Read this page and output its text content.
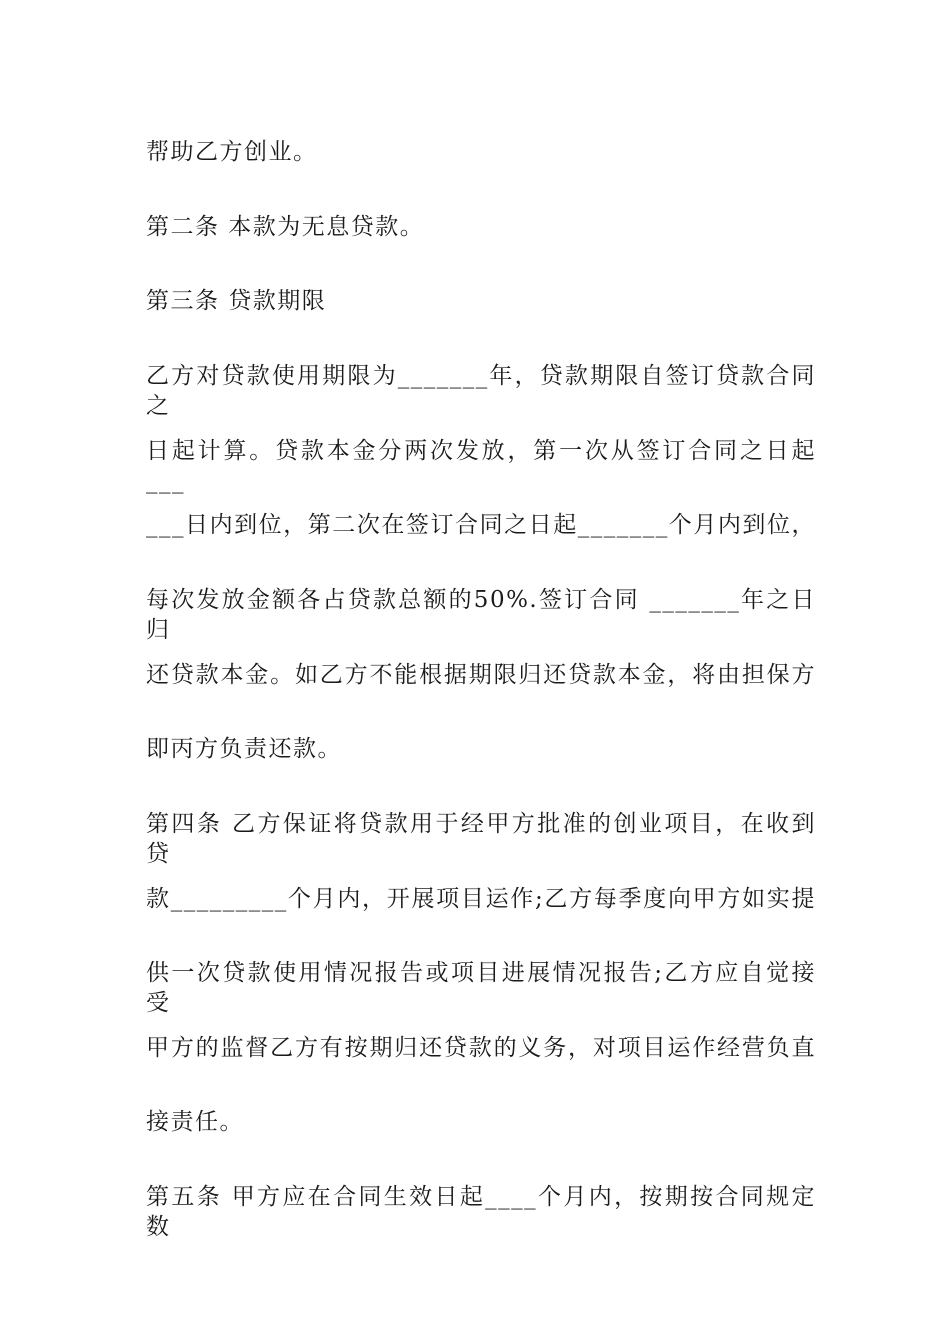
帮助乙方创业。
第二条 本款为无息贷款。
第三条 贷款期限
乙方对贷款使用期限为_______年，贷款期限自签订贷款合同之
日起计算。贷款本金分两次发放，第一次从签订合同之日起___
___日内到位，第二次在签订合同之日起_______个月内到位，
每次发放金额各占贷款总额的50%.签订合同 _______年之日归
还贷款本金。如乙方不能根据期限归还贷款本金，将由担保方
即丙方负责还款。
第四条 乙方保证将贷款用于经甲方批准的创业项目，在收到贷
款_________个月内，开展项目运作;乙方每季度向甲方如实提
供一次贷款使用情况报告或项目进展情况报告;乙方应自觉接受
甲方的监督乙方有按期归还贷款的义务，对项目运作经营负直
接责任。
第五条 甲方应在合同生效日起____个月内，按期按合同规定数
